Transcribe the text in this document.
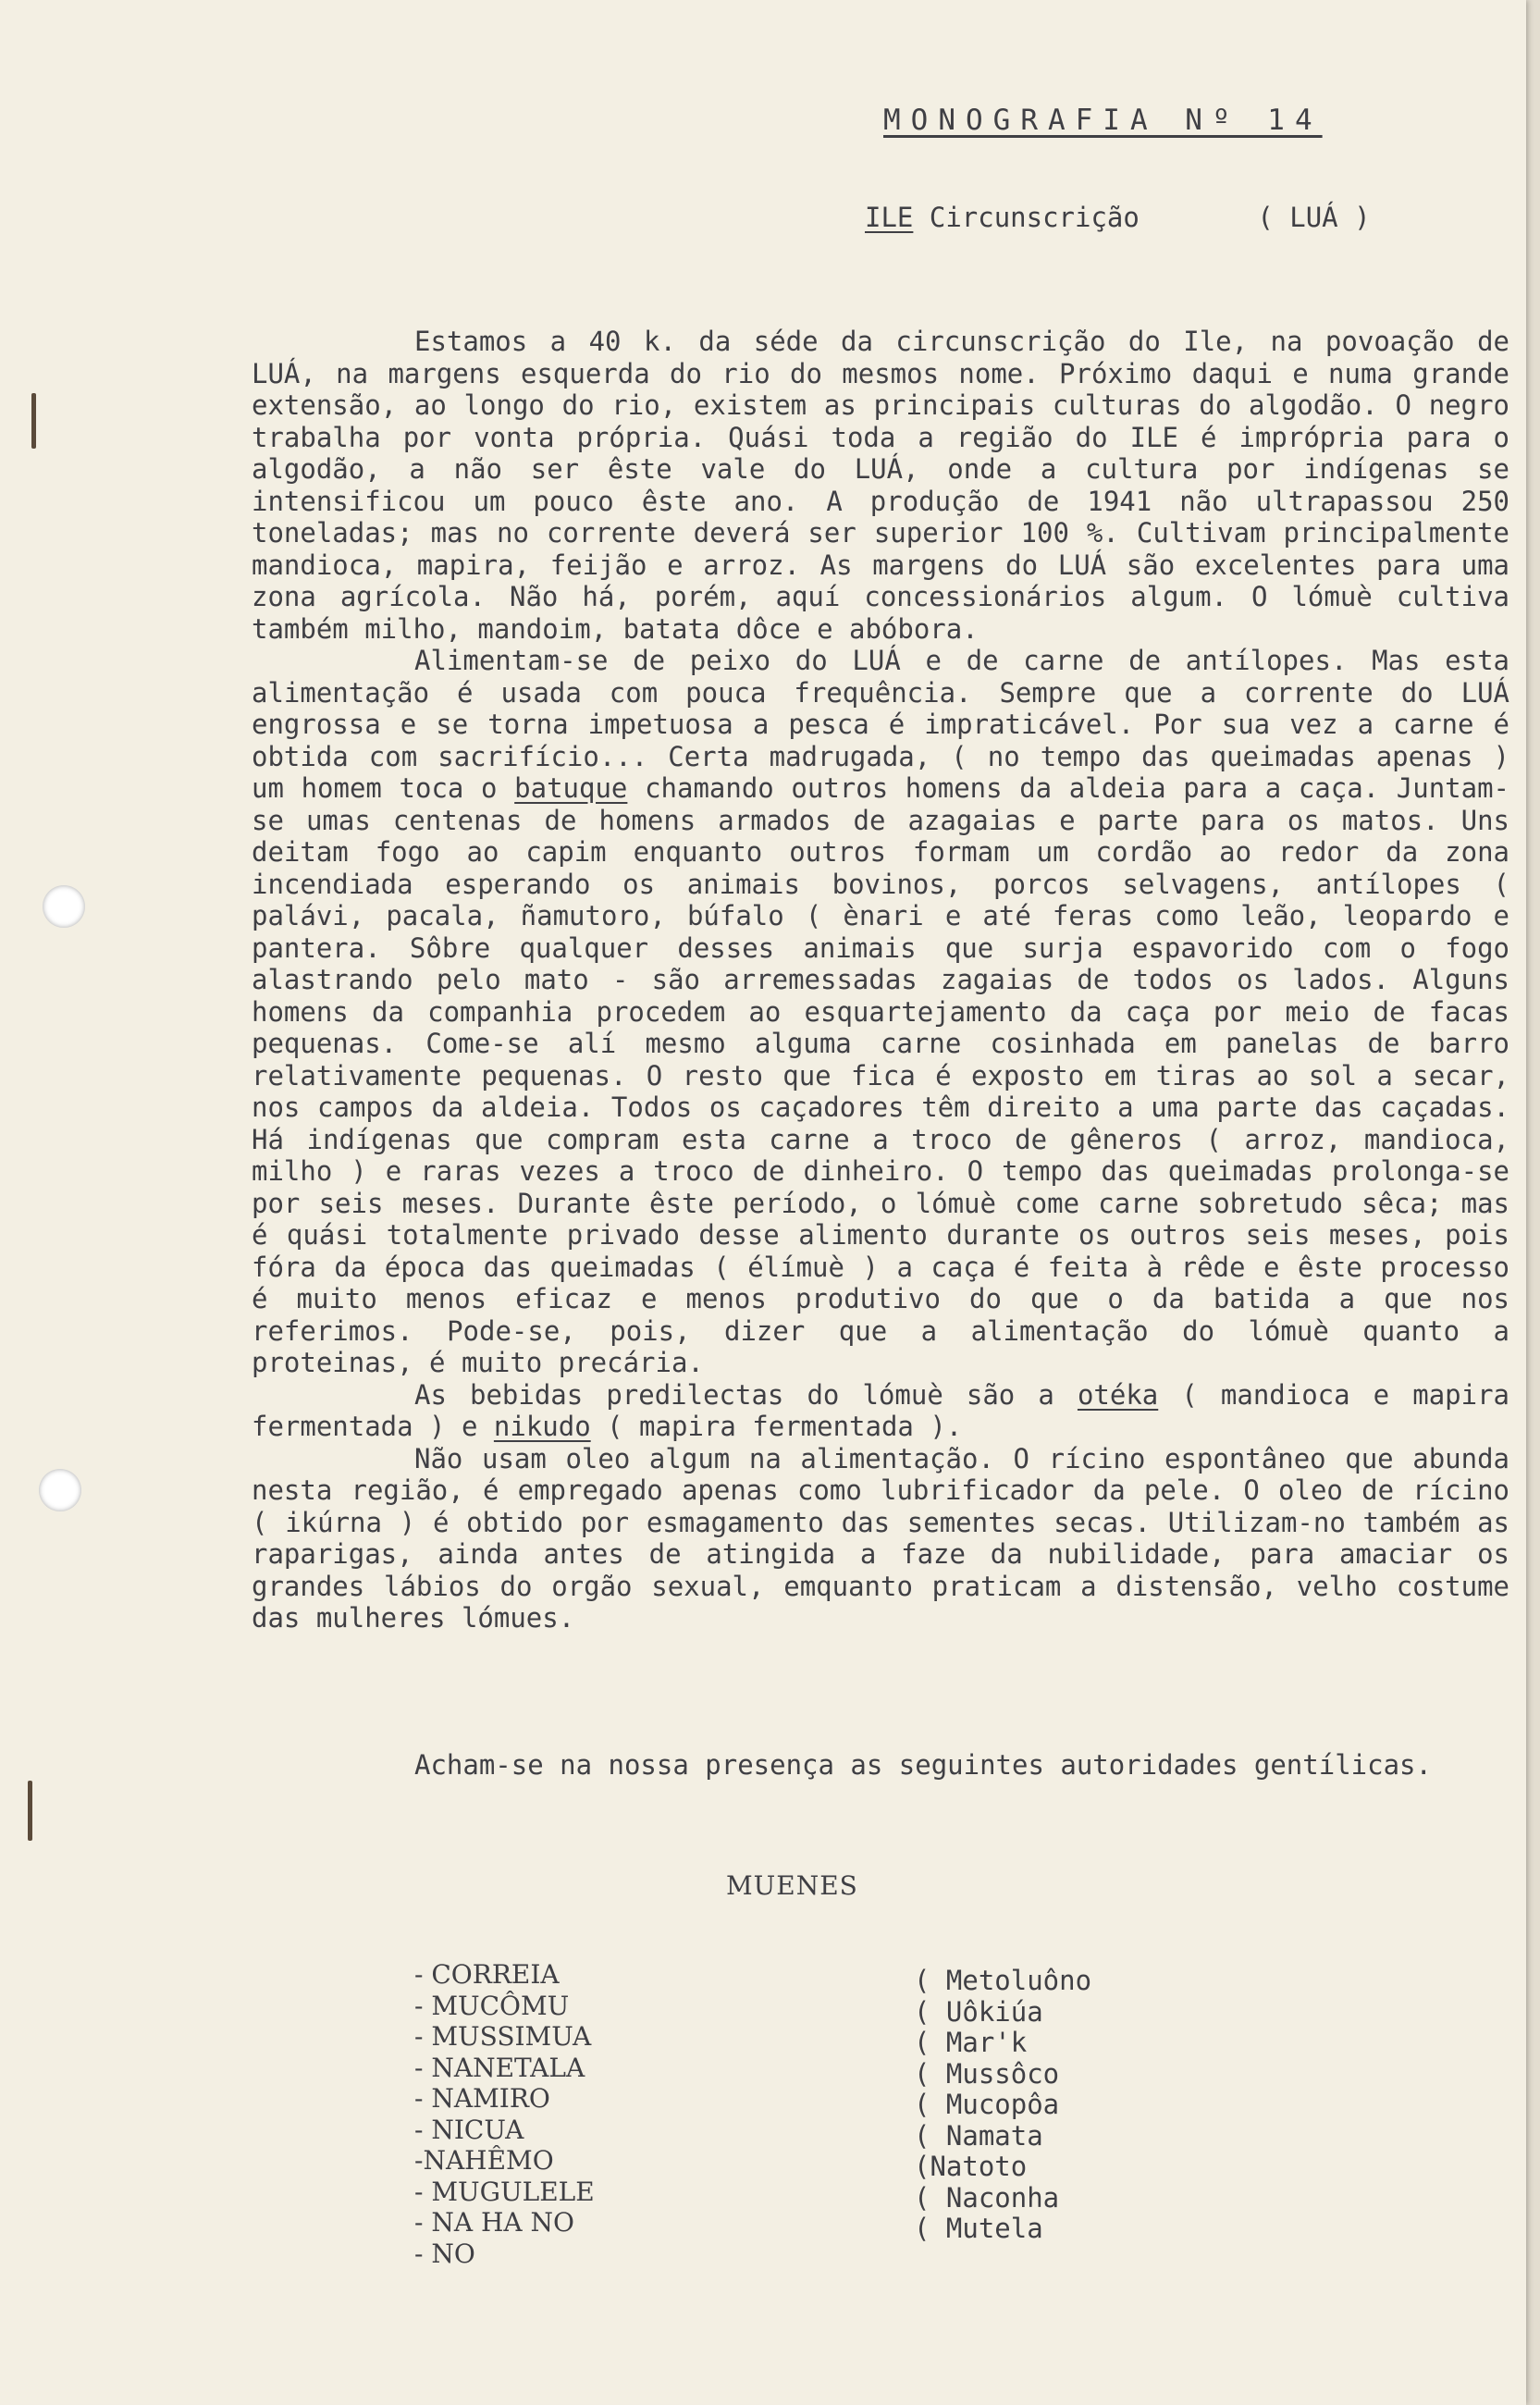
MONOGRAFIA Nº 14
ILE Circunscrição	( LUÁ )

Estamos a 40 k. da séde da circunscrição do Ile, na povoação de LUÁ, na margens esquerda do rio do mesmos nome. Próximo daqui e numa grande extensão, ao longo do rio, existem as principais culturas do algodão. O negro trabalha por vonta própria. Quási toda a região do ILE é imprópria para o algodão, a não ser êste vale do LUÁ, onde a cultura por indígenas se intensificou um pouco êste ano. A produção de 1941 não ultrapassou 250 toneladas; mas no corrente deverá ser superior 100 %. Cultivam principalmente mandioca, mapira, feijão e arroz. As margens do LUÁ são excelentes para uma zona agrícola. Não há, porém, aquí concessionários algum. O lómuè cultiva também milho, mandoim, batata dôce e abóbora.

Alimentam-se de peixo do LUÁ e de carne de antílopes. Mas esta alimentação é usada com pouca frequência. Sempre que a corrente do LUÁ engrossa e se torna impetuosa a pesca é impraticável. Por sua vez a carne é obtida com sacrifício... Certa madrugada, ( no tempo das queimadas apenas ) um homem toca o batuque chamando outros homens da aldeia para a caça. Juntam-se umas centenas de homens armados de azagaias e parte para os matos. Uns deitam fogo ao capim enquanto outros formam um cordão ao redor da zona incendiada esperando os animais bovinos, porcos selvagens, antílopes ( palávi, pacala, ñamutoro, búfalo ( ènari e até feras como leão, leopardo e pantera. Sôbre qualquer desses animais que surja espavorido com o fogo alastrando pelo mato - são arremessadas zagaias de todos os lados. Alguns homens da companhia procedem ao esquartejamento da caça por meio de facas pequenas. Come-se alí mesmo alguma carne cosinhada em panelas de barro relativamente pequenas. O resto que fica é exposto em tiras ao sol a secar, nos campos da aldeia. Todos os caçadores têm direito a uma parte das caçadas. Há indígenas que compram esta carne a troco de gêneros ( arroz, mandioca, milho ) e raras vezes a troco de dinheiro. O tempo das queimadas prolonga-se por seis meses. Durante êste período, o lómuè come carne sobretudo sêca; mas é quási totalmente privado desse alimento durante os outros seis meses, pois fóra da época das queimadas ( élímuè ) a caça é feita à rêde e êste processo é muito menos eficaz e menos produtivo do que o da batida a que nos referimos. Pode-se, pois, dizer que a alimentação do lómuè quanto a proteinas, é muito precária.

As bebidas predilectas do lómuè são a otéka ( mandioca e mapira fermentada ) e nikudo ( mapira fermentada ).

Não usam oleo algum na alimentação. O rícino espontâneo que abunda nesta região, é empregado apenas como lubrificador da pele. O oleo de rícino ( ikúrna ) é obtido por esmagamento das sementes secas. Utilizam-no também as raparigas, ainda antes de atingida a faze da nubilidade, para amaciar os grandes lábios do orgão sexual, emquanto praticam a distensão, velho costume das mulheres lómues.

Acham-se na nossa presença as seguintes autoridades gentílicas.

MUENES
- CORREIA
- MUCÔMU
- MUSSIMUA
- NANETALA
- NAMIRO
- NICUA
-NAHÊMO
- MUGULELE
- NA HA NO
- NO
( Metoluôno
( Uôkiúa
( Mar'k
( Mussôco
( Mucopôa
( Namata
(Natoto
( Naconha
( Mutela
